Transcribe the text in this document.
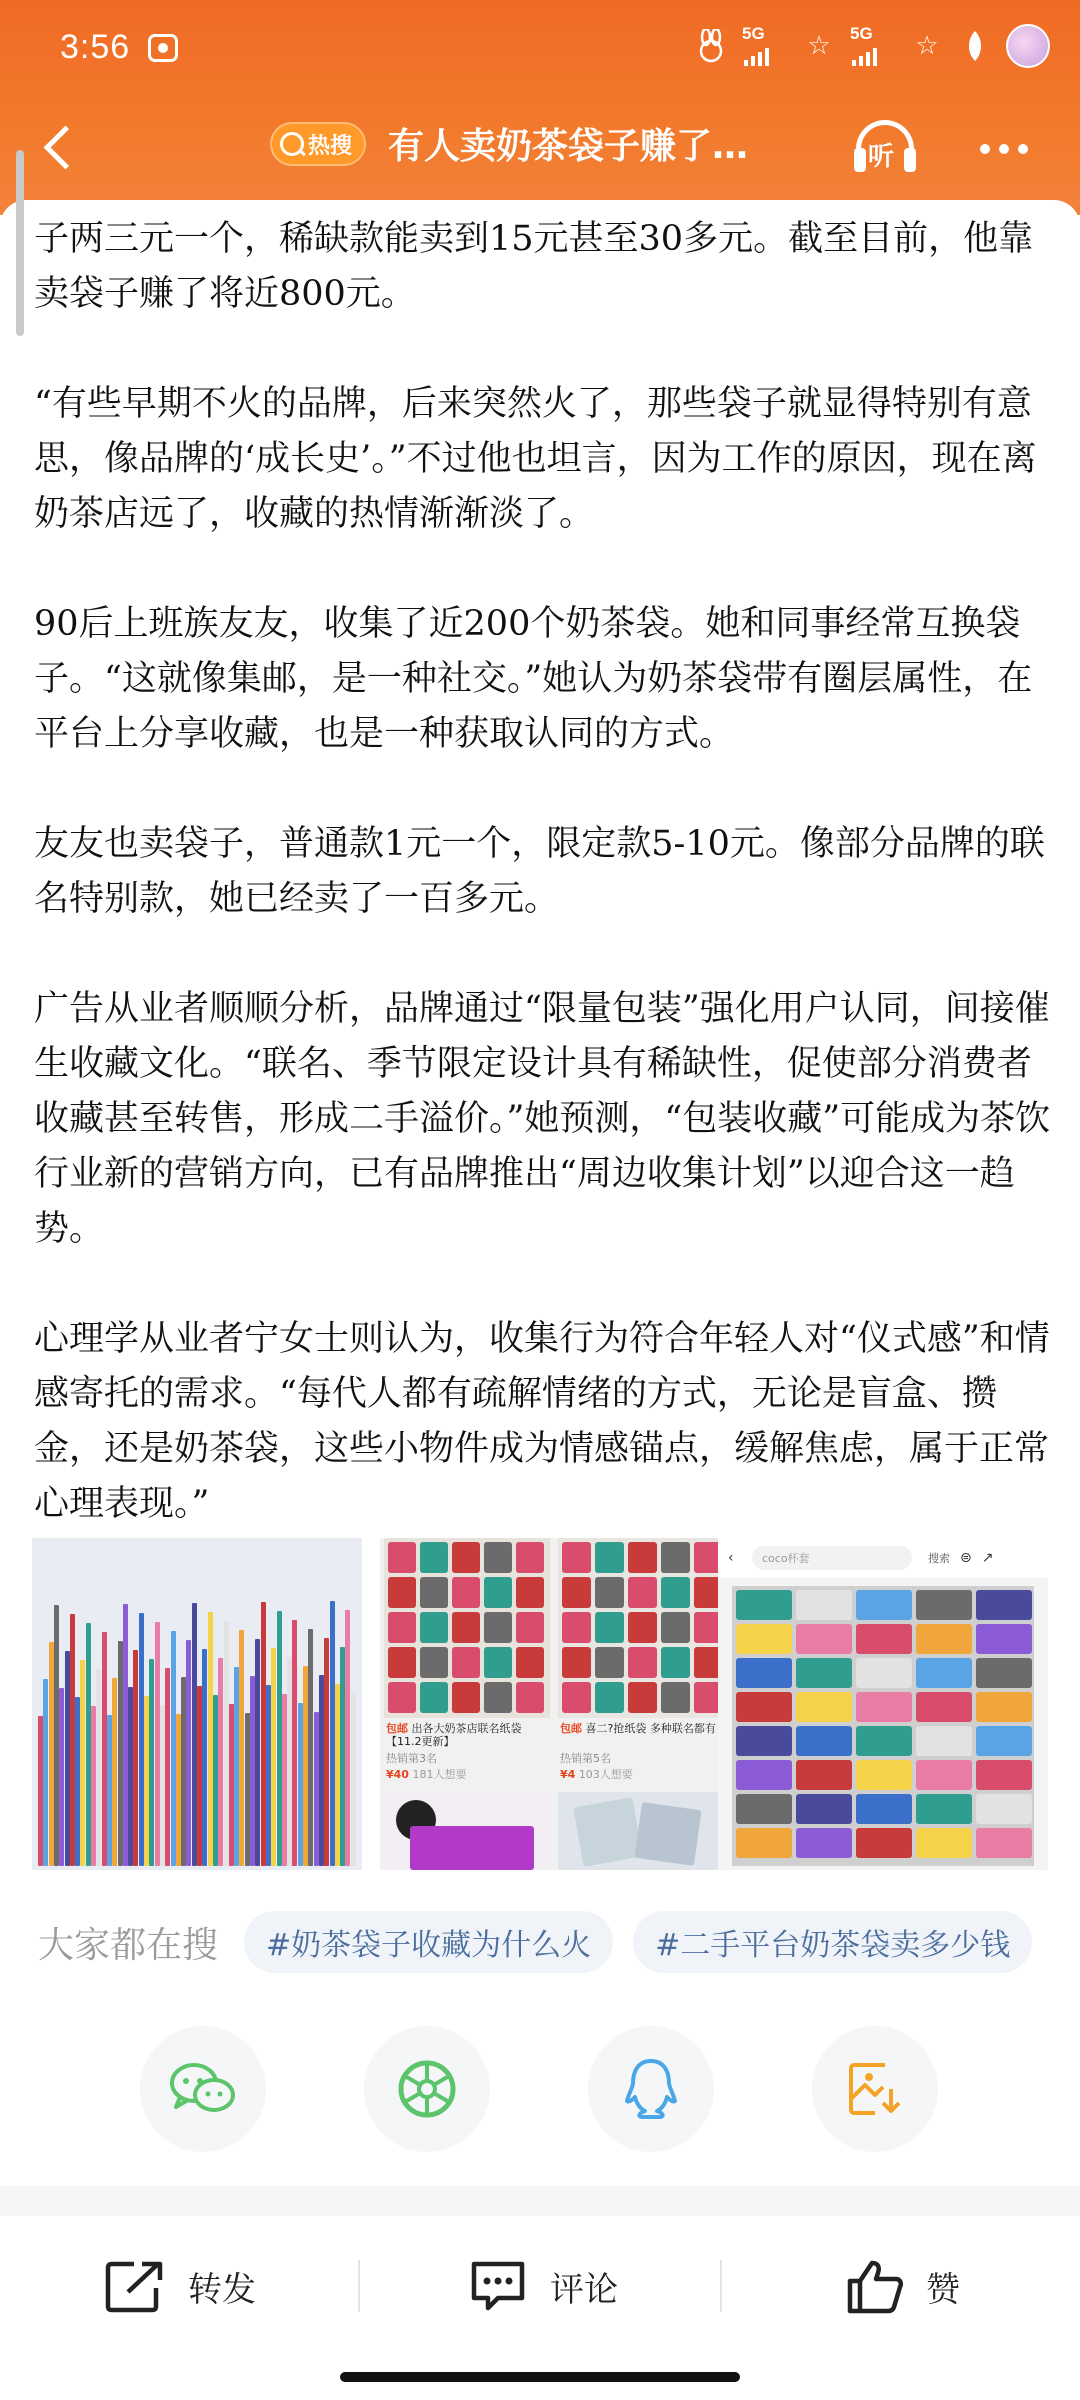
3:56	5G ☆	5G ☆
热搜 有人卖奶茶袋子赚了…	听

子两三元一个，稀缺款能卖到15元甚至30多元。截至目前，他靠卖袋子赚了将近800元。

“有些早期不火的品牌，后来突然火了，那些袋子就显得特别有意思，像品牌的‘成长史’。”不过他也坦言，因为工作的原因，现在离奶茶店远了，收藏的热情渐渐淡了。

90后上班族友友，收集了近200个奶茶袋。她和同事经常互换袋子。“这就像集邮，是一种社交。”她认为奶茶袋带有圈层属性，在平台上分享收藏，也是一种获取认同的方式。

友友也卖袋子，普通款1元一个，限定款5-10元。像部分品牌的联名特别款，她已经卖了一百多元。

广告从业者顺顺分析，品牌通过“限量包装”强化用户认同，间接催生收藏文化。“联名、季节限定设计具有稀缺性，促使部分消费者收藏甚至转售，形成二手溢价。”她预测，“包装收藏”可能成为茶饮行业新的营销方向，已有品牌推出“周边收集计划”以迎合这一趋势。

心理学从业者宁女士则认为，收集行为符合年轻人对“仪式感”和情感寄托的需求。“每代人都有疏解情绪的方式，无论是盲盒、攒金，还是奶茶袋，这些小物件成为情感锚点，缓解焦虑，属于正常心理表现。”

包邮 出各大奶茶店联名纸袋【11.2更新】
热销第3名
¥40 181人想要
包邮 喜二?抢纸袋 多种联名都有
热销第5名
¥4 103人想要
‹	coco杯套	搜索 ⊜ ↗
大家都在搜	#奶茶袋子收藏为什么火	#二手平台奶茶袋卖多少钱
转发	评论	赞
